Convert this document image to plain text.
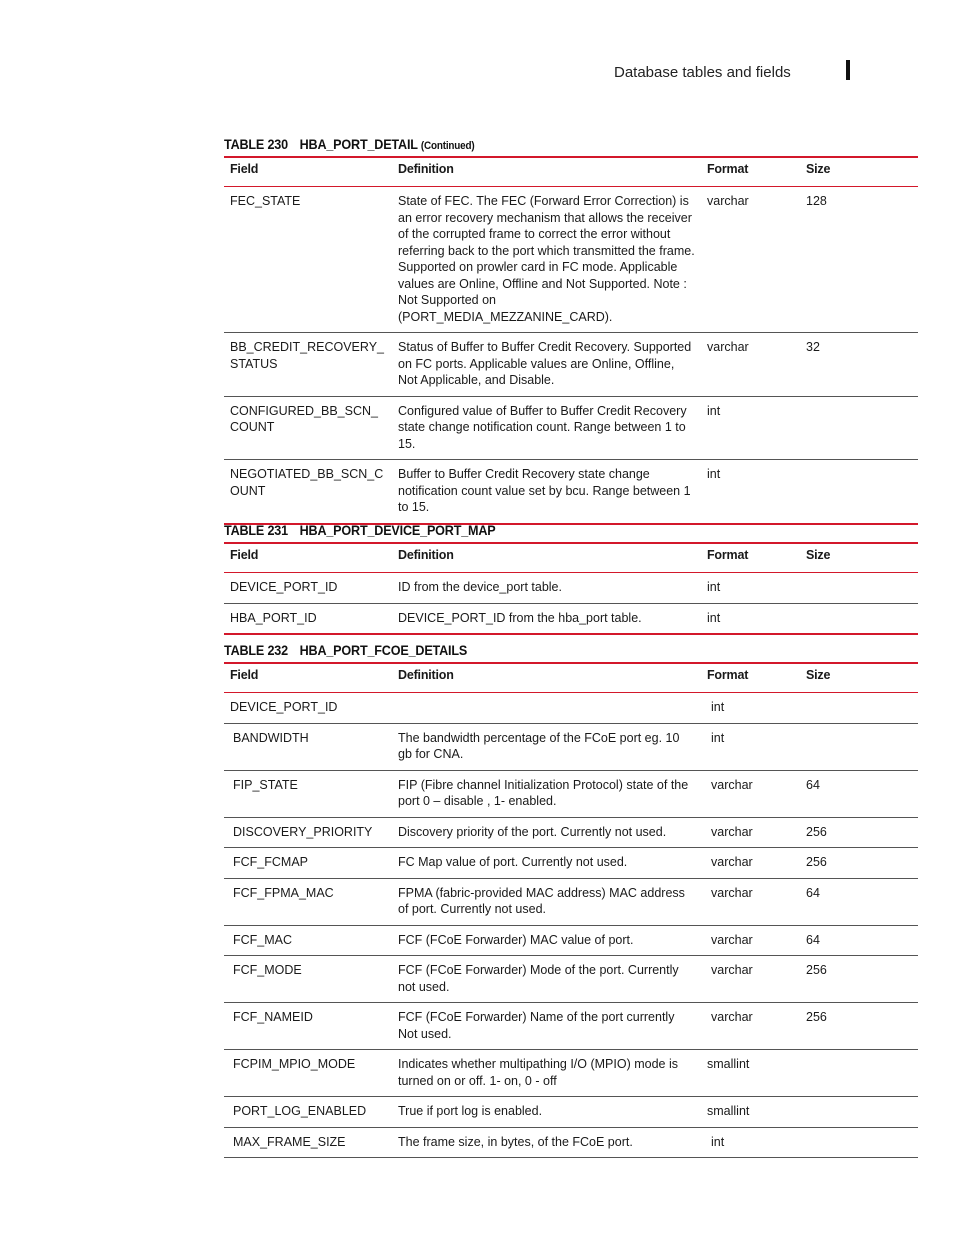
Database tables and fields
TABLE 230 HBA_PORT_DETAIL (Continued)
Field	Definition	Format	Size
FEC_STATE	State of FEC. The FEC (Forward Error Correction) is an error recovery mechanism that allows the receiver of the corrupted frame to correct the error without referring back to the port which transmitted the frame. Supported on prowler card in FC mode. Applicable values are Online, Offline and Not Supported. Note : Not Supported on (PORT_MEDIA_MEZZANINE_CARD).	varchar	128
BB_CREDIT_RECOVERY_STATUS	Status of Buffer to Buffer Credit Recovery. Supported on FC ports. Applicable values are Online, Offline, Not Applicable, and Disable.	varchar	32
CONFIGURED_BB_SCN_COUNT	Configured value of Buffer to Buffer Credit Recovery state change notification count. Range between 1 to 15.	int	
NEGOTIATED_BB_SCN_COUNT	Buffer to Buffer Credit Recovery state change notification count value set by bcu. Range between 1 to 15.	int	
TABLE 231 HBA_PORT_DEVICE_PORT_MAP
Field	Definition	Format	Size
DEVICE_PORT_ID	ID from the device_port table.	int	
HBA_PORT_ID	DEVICE_PORT_ID from the hba_port table.	int	
TABLE 232 HBA_PORT_FCOE_DETAILS
Field	Definition	Format	Size
DEVICE_PORT_ID		int	
BANDWIDTH	The bandwidth percentage of the FCoE port eg. 10 gb for CNA.	int	
FIP_STATE	FIP (Fibre channel Initialization Protocol) state of the port 0 – disable , 1- enabled.	varchar	64
DISCOVERY_PRIORITY	Discovery priority of the port. Currently not used.	varchar	256
FCF_FCMAP	FC Map value of port. Currently not used.	varchar	256
FCF_FPMA_MAC	FPMA (fabric-provided MAC address) MAC address of port. Currently not used.	varchar	64
FCF_MAC	FCF (FCoE Forwarder) MAC value of port.	varchar	64
FCF_MODE	FCF (FCoE Forwarder) Mode of the port. Currently not used.	varchar	256
FCF_NAMEID	FCF (FCoE Forwarder) Name of the port currently Not used.	varchar	256
FCPIM_MPIO_MODE	Indicates whether multipathing I/O (MPIO) mode is turned on or off. 1- on, 0 - off	smallint	
PORT_LOG_ENABLED	True if port log is enabled.	smallint	
MAX_FRAME_SIZE	The frame size, in bytes, of the FCoE port.	int	
